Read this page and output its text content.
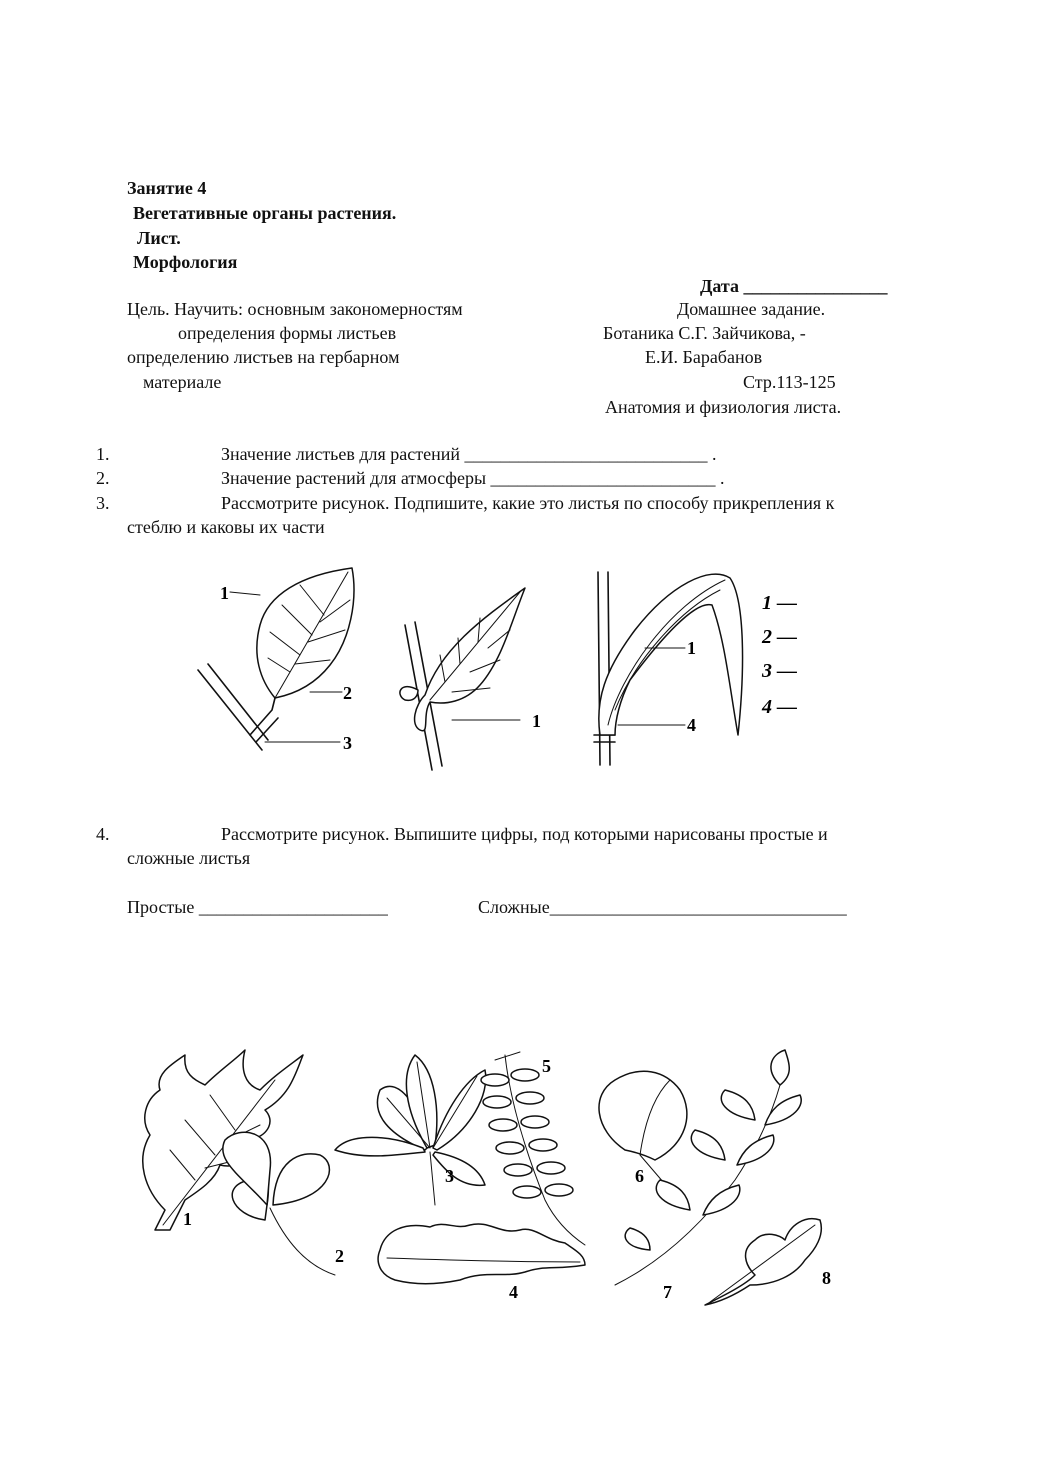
Занятие 4
Вегетативные органы растения.
Лист.
Морфология
Дата ________________
Цель. Научить: основным закономерностям
определения формы листьев
определению листьев на гербарном
материале
Домашнее задание.
Ботаника С.Г. Зайчикова, -
Е.И. Барабанов
Стр.113-125
Анатомия и физиология листа.
1.	Значение листьев для растений ___________________________ .
2.	Значение растений для атмосферы _________________________ .
3.	Рассмотрите рисунок. Подпишите, какие это листья по способу прикрепления к
стеблю и каковы их части
1
2
3
1
1
4
1 —
2 —
3 —
4 —
4.	Рассмотрите рисунок. Выпишите цифры, под которыми нарисованы простые и
сложные листья
Простые _____________________	Сложные_________________________________
1
2
3
4
5
6
7
8
